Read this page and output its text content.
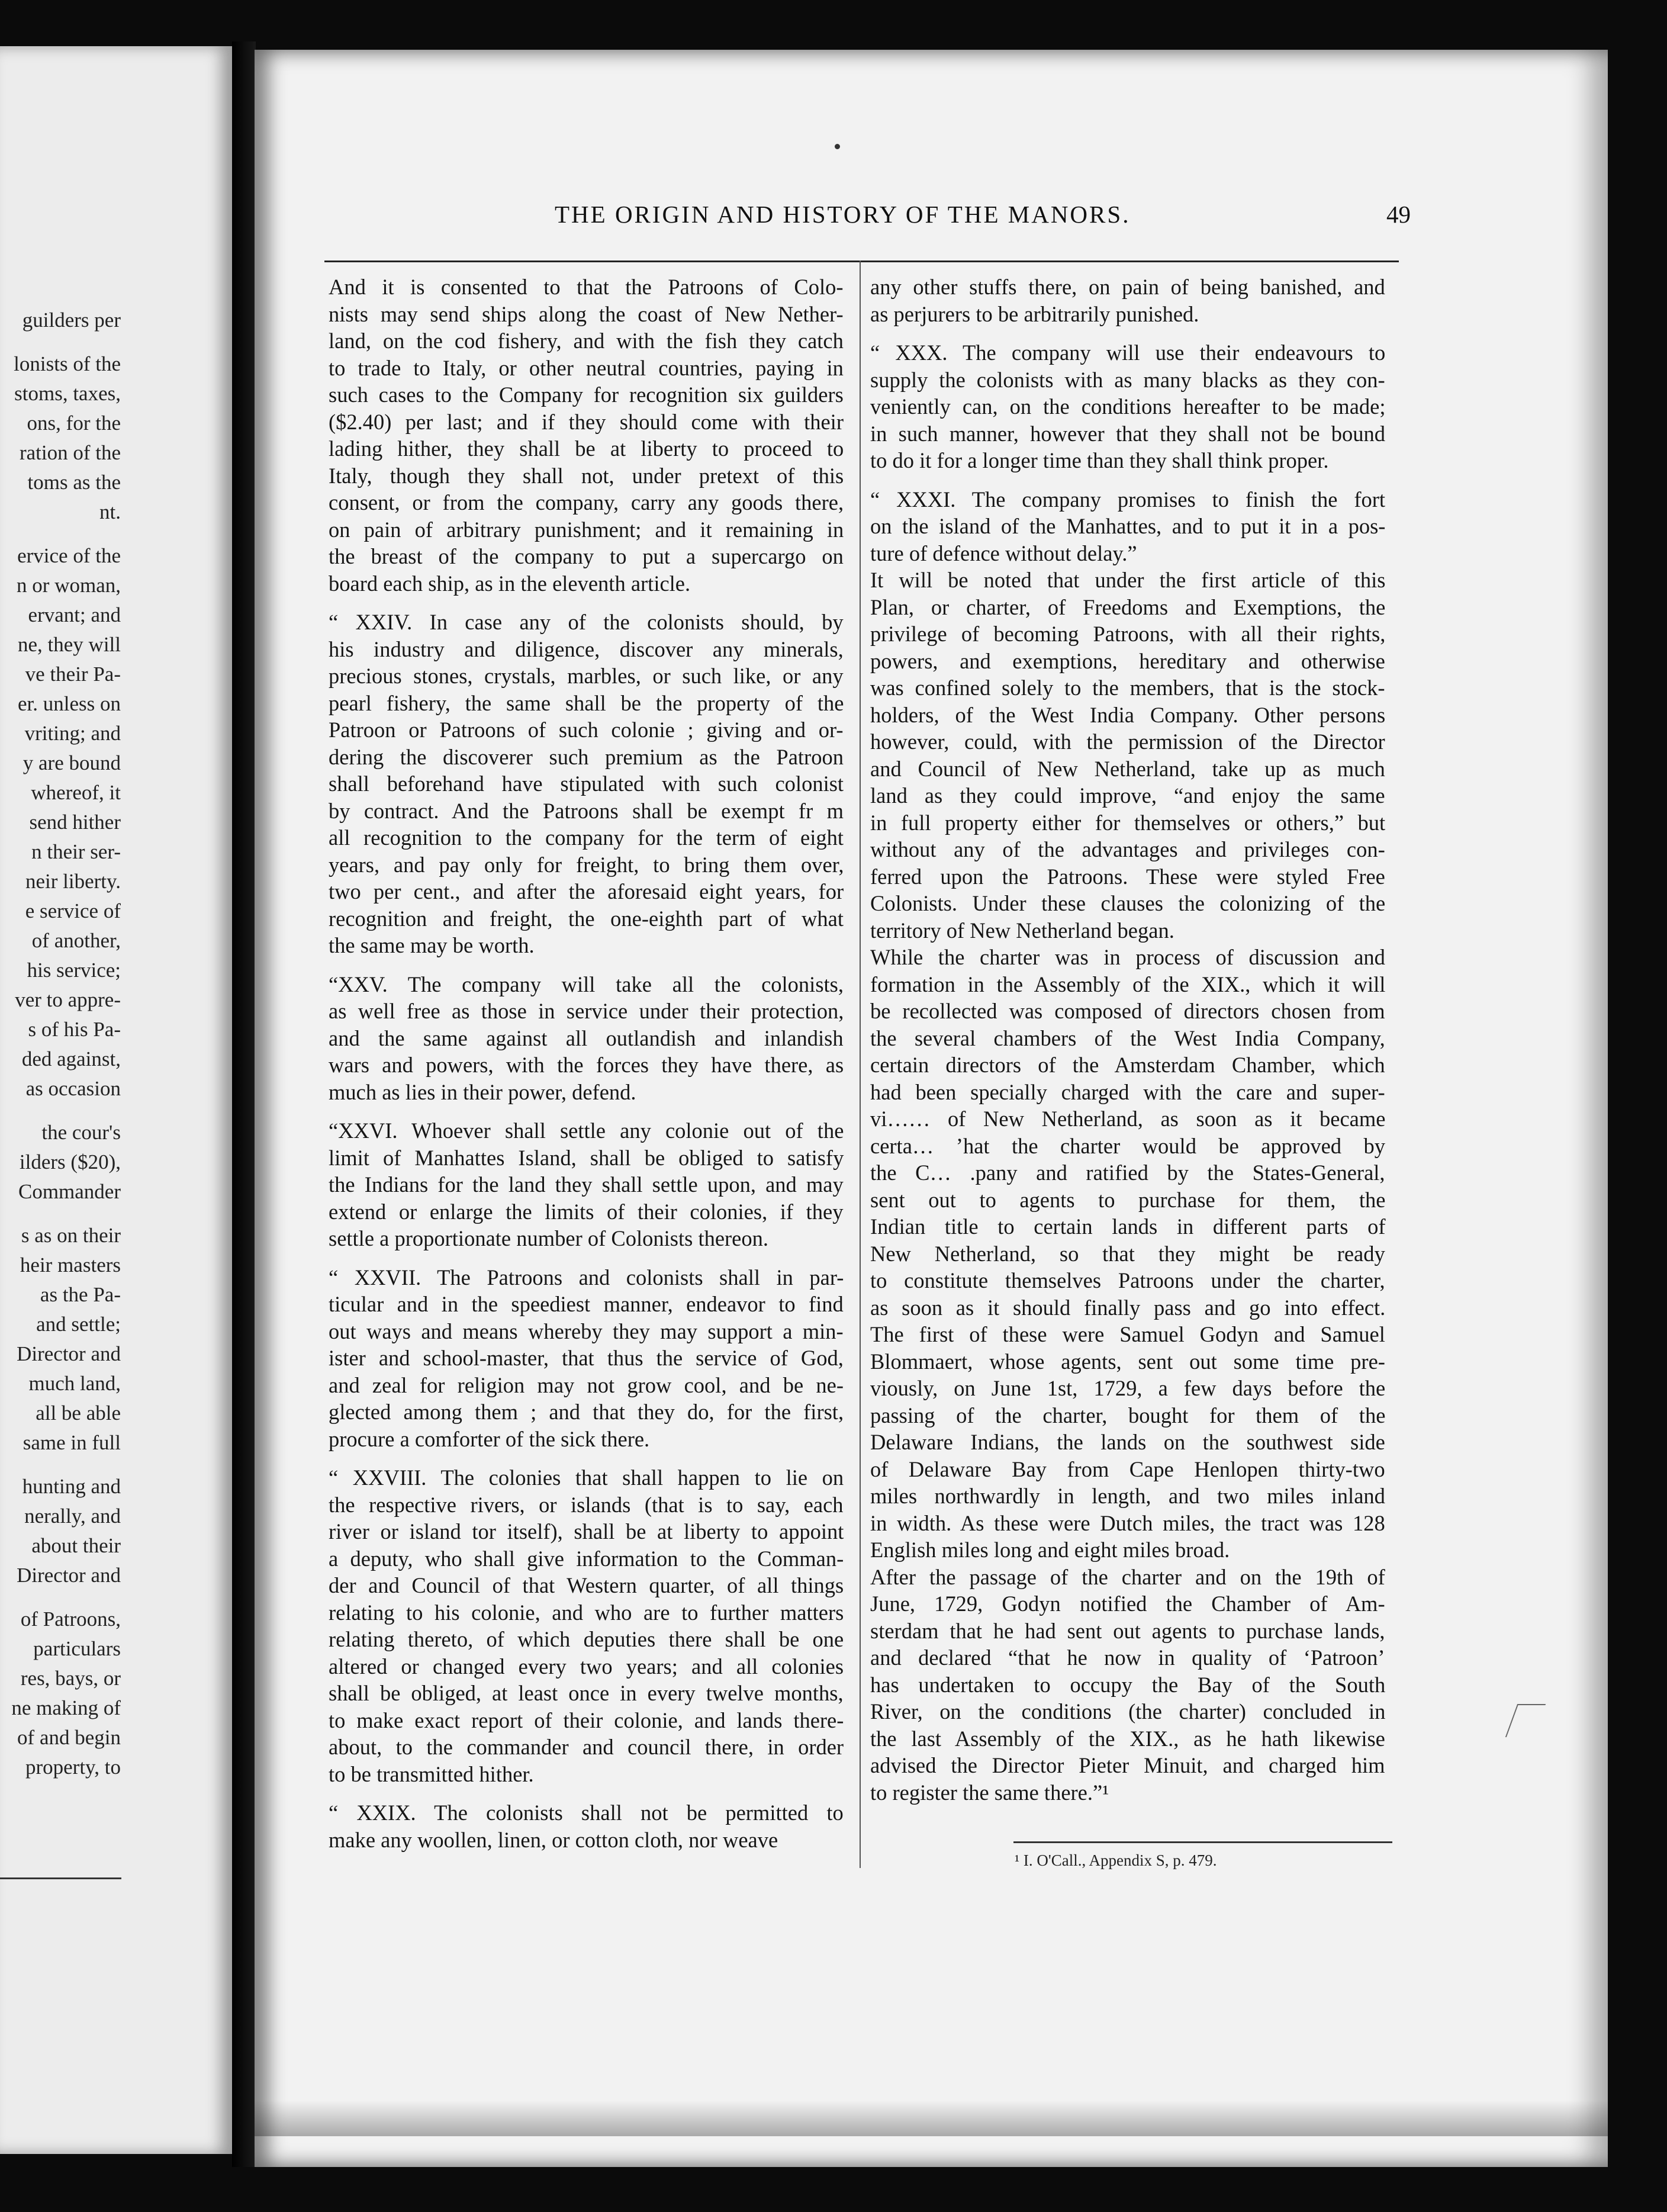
guilders per
lonists of the
stoms, taxes,
ons, for the
ration of the
toms as the
nt.
ervice of the
n or woman,
ervant; and
ne, they will
ve their Pa-
er. unless on
vriting; and
y are bound
whereof, it
send hither
n their ser-
neir liberty.
e service of
of another,
his service;
ver to appre-
s of his Pa-
ded against,
as occasion
the cour's
ilders ($20),
Commander
s as on their
heir masters
as the Pa-
and settle;
Director and
much land,
all be able
same in full
hunting and
nerally, and
about their
Director and
of Patroons,
particulars
res, bays, or
ne making of
of and begin
property, to
THE ORIGIN AND HISTORY OF THE MANORS.	49
And it is consented to that the Patroons of Colo-
nists may send ships along the coast of New Nether-
land, on the cod fishery, and with the fish they catch
to trade to Italy, or other neutral countries, paying in
such cases to the Company for recognition six guilders
($2.40) per last; and if they should come with their
lading hither, they shall be at liberty to proceed to
Italy, though they shall not, under pretext of this
consent, or from the company, carry any goods there,
on pain of arbitrary punishment; and it remaining in
the breast of the company to put a supercargo on
board each ship, as in the eleventh article.
“ XXIV. In case any of the colonists should, by
his industry and diligence, discover any minerals,
precious stones, crystals, marbles, or such like, or any
pearl fishery, the same shall be the property of the
Patroon or Patroons of such colonie ; giving and or-
dering the discoverer such premium as the Patroon
shall beforehand have stipulated with such colonist
by contract. And the Patroons shall be exempt fr m
all recognition to the company for the term of eight
years, and pay only for freight, to bring them over,
two per cent., and after the aforesaid eight years, for
recognition and freight, the one-eighth part of what
the same may be worth.
“XXV. The company will take all the colonists,
as well free as those in service under their protection,
and the same against all outlandish and inlandish
wars and powers, with the forces they have there, as
much as lies in their power, defend.
“XXVI. Whoever shall settle any colonie out of the
limit of Manhattes Island, shall be obliged to satisfy
the Indians for the land they shall settle upon, and may
extend or enlarge the limits of their colonies, if they
settle a proportionate number of Colonists thereon.
“ XXVII. The Patroons and colonists shall in par-
ticular and in the speediest manner, endeavor to find
out ways and means whereby they may support a min-
ister and school-master, that thus the service of God,
and zeal for religion may not grow cool, and be ne-
glected among them ; and that they do, for the first,
procure a comforter of the sick there.
“ XXVIII. The colonies that shall happen to lie on
the respective rivers, or islands (that is to say, each
river or island tor itself), shall be at liberty to appoint
a deputy, who shall give information to the Comman-
der and Council of that Western quarter, of all things
relating to his colonie, and who are to further matters
relating thereto, of which deputies there shall be one
altered or changed every two years; and all colonies
shall be obliged, at least once in every twelve months,
to make exact report of their colonie, and lands there-
about, to the commander and council there, in order
to be transmitted hither.
“ XXIX. The colonists shall not be permitted to
make any woollen, linen, or cotton cloth, nor weave
any other stuffs there, on pain of being banished, and
as perjurers to be arbitrarily punished.
“ XXX. The company will use their endeavours to
supply the colonists with as many blacks as they con-
veniently can, on the conditions hereafter to be made;
in such manner, however that they shall not be bound
to do it for a longer time than they shall think proper.
“ XXXI. The company promises to finish the fort
on the island of the Manhattes, and to put it in a pos-
ture of defence without delay.”
It will be noted that under the first article of this
Plan, or charter, of Freedoms and Exemptions, the
privilege of becoming Patroons, with all their rights,
powers, and exemptions, hereditary and otherwise
was confined solely to the members, that is the stock-
holders, of the West India Company. Other persons
however, could, with the permission of the Director
and Council of New Netherland, take up as much
land as they could improve, “and enjoy the same
in full property either for themselves or others,” but
without any of the advantages and privileges con-
ferred upon the Patroons. These were styled Free
Colonists. Under these clauses the colonizing of the
territory of New Netherland began.
While the charter was in process of discussion and
formation in the Assembly of the XIX., which it will
be recollected was composed of directors chosen from
the several chambers of the West India Company,
certain directors of the Amsterdam Chamber, which
had been specially charged with the care and super-
vi…… of New Netherland, as soon as it became
certa… ’hat the charter would be approved by
the C… .pany and ratified by the States-General,
sent out to agents to purchase for them, the
Indian title to certain lands in different parts of
New Netherland, so that they might be ready
to constitute themselves Patroons under the charter,
as soon as it should finally pass and go into effect.
The first of these were Samuel Godyn and Samuel
Blommaert, whose agents, sent out some time pre-
viously, on June 1st, 1729, a few days before the
passing of the charter, bought for them of the
Delaware Indians, the lands on the southwest side
of Delaware Bay from Cape Henlopen thirty-two
miles northwardly in length, and two miles inland
in width. As these were Dutch miles, the tract was 128
English miles long and eight miles broad.
After the passage of the charter and on the 19th of
June, 1729, Godyn notified the Chamber of Am-
sterdam that he had sent out agents to purchase lands,
and declared “that he now in quality of ‘Patroon’
has undertaken to occupy the Bay of the South
River, on the conditions (the charter) concluded in
the last Assembly of the XIX., as he hath likewise
advised the Director Pieter Minuit, and charged him
to register the same there.”¹
¹ I. O'Call., Appendix S, p. 479.
